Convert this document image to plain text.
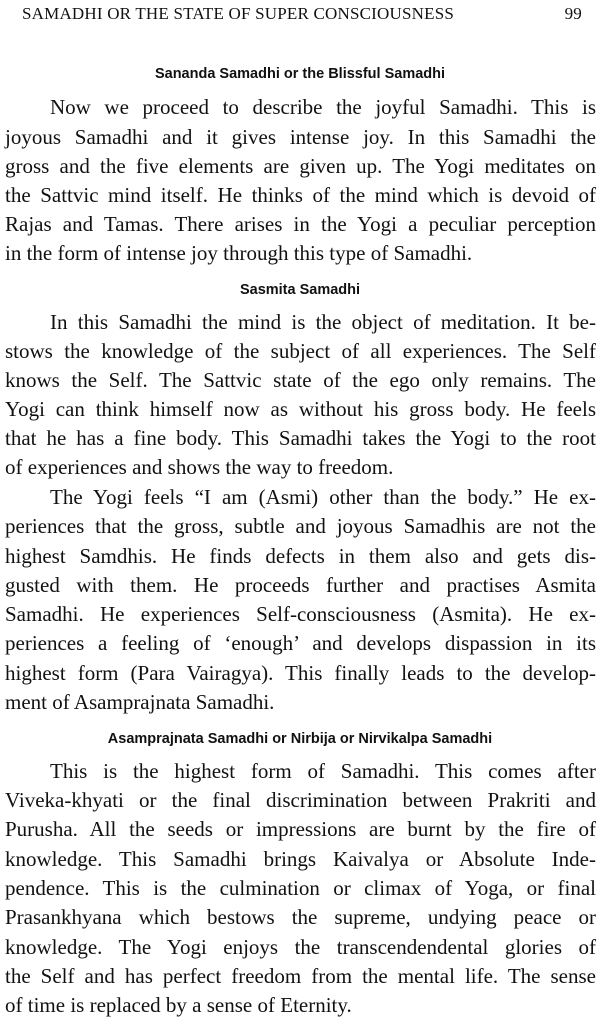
SAMADHI OR THE STATE OF SUPER CONSCIOUSNESS	99
Sananda Samadhi or the Blissful Samadhi
Now we proceed to describe the joyful Samadhi. This is
joyous Samadhi and it gives intense joy. In this Samadhi the
gross and the five elements are given up. The Yogi meditates on
the Sattvic mind itself. He thinks of the mind which is devoid of
Rajas and Tamas. There arises in the Yogi a peculiar perception
in the form of intense joy through this type of Samadhi.
Sasmita Samadhi
In this Samadhi the mind is the object of meditation. It be-
stows the knowledge of the subject of all experiences. The Self
knows the Self. The Sattvic state of the ego only remains. The
Yogi can think himself now as without his gross body. He feels
that he has a fine body. This Samadhi takes the Yogi to the root
of experiences and shows the way to freedom.
The Yogi feels “I am (Asmi) other than the body.” He ex-
periences that the gross, subtle and joyous Samadhis are not the
highest Samdhis. He finds defects in them also and gets dis-
gusted with them. He proceeds further and practises Asmita
Samadhi. He experiences Self-consciousness (Asmita). He ex-
periences a feeling of ‘enough’ and develops dispassion in its
highest form (Para Vairagya). This finally leads to the develop-
ment of Asamprajnata Samadhi.
Asamprajnata Samadhi or Nirbija or Nirvikalpa Samadhi
This is the highest form of Samadhi. This comes after
Viveka-khyati or the final discrimination between Prakriti and
Purusha. All the seeds or impressions are burnt by the fire of
knowledge. This Samadhi brings Kaivalya or Absolute Inde-
pendence. This is the culmination or climax of Yoga, or final
Prasankhyana which bestows the supreme, undying peace or
knowledge. The Yogi enjoys the transcendendental glories of
the Self and has perfect freedom from the mental life. The sense
of time is replaced by a sense of Eternity.
